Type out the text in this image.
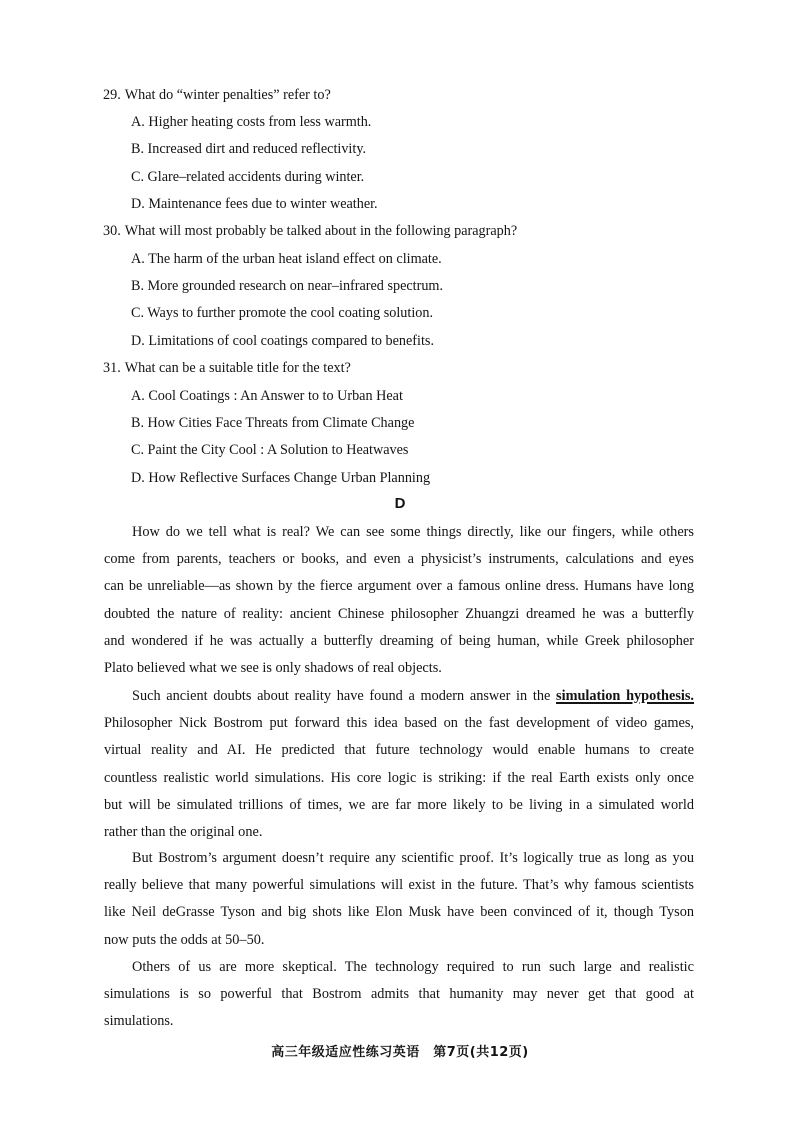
29. What do “winter penalties” refer to?
A. Higher heating costs from less warmth.
B. Increased dirt and reduced reflectivity.
C. Glare–related accidents during winter.
D. Maintenance fees due to winter weather.
30. What will most probably be talked about in the following paragraph?
A. The harm of the urban heat island effect on climate.
B. More grounded research on near–infrared spectrum.
C. Ways to further promote the cool coating solution.
D. Limitations of cool coatings compared to benefits.
31. What can be a suitable title for the text?
A. Cool Coatings : An Answer to to Urban Heat
B. How Cities Face Threats from Climate Change
C. Paint the City Cool : A Solution to Heatwaves
D. How Reflective Surfaces Change Urban Planning
D
How do we tell what is real? We can see some things directly, like our fingers, while others
come from parents, teachers or books, and even a physicist’s instruments, calculations and eyes
can be unreliable—as shown by the fierce argument over a famous online dress. Humans have long
doubted the nature of reality: ancient Chinese philosopher Zhuangzi dreamed he was a butterfly
and wondered if he was actually a butterfly dreaming of being human, while Greek philosopher
Plato believed what we see is only shadows of real objects.
Such ancient doubts about reality have found a modern answer in the simulation hypothesis.
Philosopher Nick Bostrom put forward this idea based on the fast development of video games,
virtual reality and AI. He predicted that future technology would enable humans to create
countless realistic world simulations. His core logic is striking: if the real Earth exists only once
but will be simulated trillions of times, we are far more likely to be living in a simulated world
rather than the original one.
But Bostrom’s argument doesn’t require any scientific proof. It’s logically true as long as you
really believe that many powerful simulations will exist in the future. That’s why famous scientists
like Neil deGrasse Tyson and big shots like Elon Musk have been convinced of it, though Tyson
now puts the odds at 50–50.
Others of us are more skeptical. The technology required to run such large and realistic
simulations is so powerful that Bostrom admits that humanity may never get that good at
simulations.
高三年级适应性练习英语　第7页(共12页)
